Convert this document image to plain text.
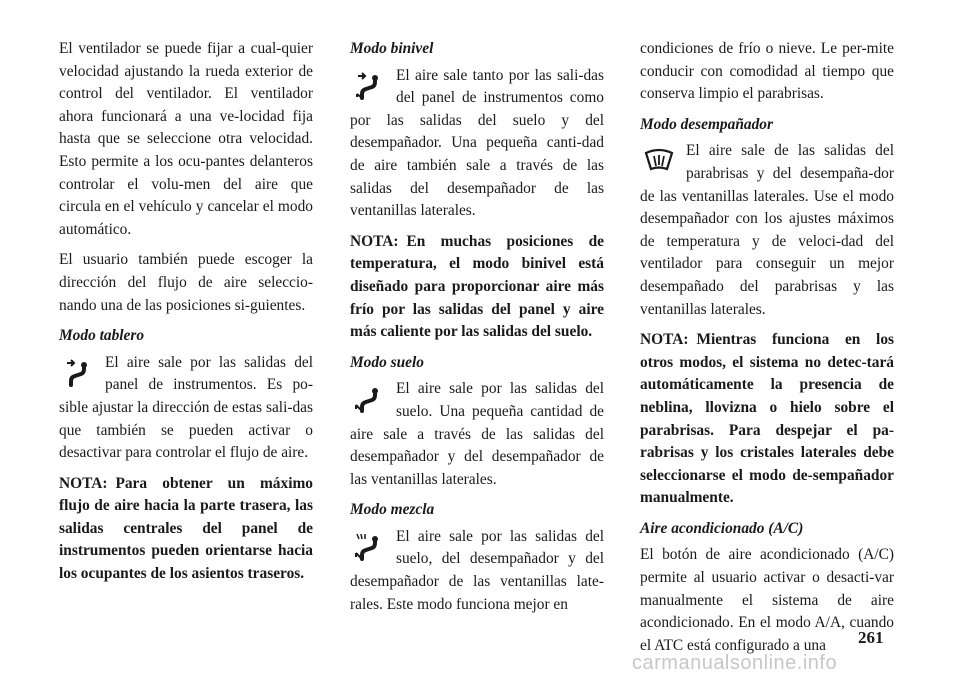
El ventilador se puede fijar a cual-quier velocidad ajustando la rueda exterior de control del ventilador. El ventilador ahora funcionará a una ve-locidad fija hasta que se seleccione otra velocidad. Esto permite a los ocu-pantes delanteros controlar el volu-men del aire que circula en el vehículo y cancelar el modo automático.

El usuario también puede escoger la dirección del flujo de aire seleccio-nando una de las posiciones si-guientes.

Modo tablero

El aire sale por las salidas del panel de instrumentos. Es po-sible ajustar la dirección de estas sali-das que también se pueden activar o desactivar para controlar el flujo de aire.

NOTA: Para obtener un máximo flujo de aire hacia la parte trasera, las salidas centrales del panel de instrumentos pueden orientarse hacia los ocupantes de los asientos traseros.

Modo binivel

El aire sale tanto por las sali-das del panel de instrumentos como por las salidas del suelo y del desempañador. Una pequeña canti-dad de aire también sale a través de las salidas del desempañador de las ventanillas laterales.

NOTA: En muchas posiciones de temperatura, el modo binivel está diseñado para proporcionar aire más frío por las salidas del panel y aire más caliente por las salidas del suelo.

Modo suelo

El aire sale por las salidas del suelo. Una pequeña cantidad de aire sale a través de las salidas del desempañador y del desempañador de las ventanillas laterales.

Modo mezcla

El aire sale por las salidas del suelo, del desempañador y del desempañador de las ventanillas late-rales. Este modo funciona mejor en

condiciones de frío o nieve. Le per-mite conducir con comodidad al tiempo que conserva limpio el parabrisas.

Modo desempañador

El aire sale de las salidas del parabrisas y del desempaña-dor de las ventanillas laterales. Use el modo desempañador con los ajustes máximos de temperatura y de veloci-dad del ventilador para conseguir un mejor desempañado del parabrisas y las ventanillas laterales.

NOTA: Mientras funciona en los otros modos, el sistema no detec-tará automáticamente la presencia de neblina, llovizna o hielo sobre el parabrisas. Para despejar el pa-rabrisas y los cristales laterales debe seleccionarse el modo de-sempañador manualmente.

Aire acondicionado (A/C)

El botón de aire acondicionado (A/C) permite al usuario activar o desacti-var manualmente el sistema de aire acondicionado. En el modo A/A, cuando el ATC está configurado a una	261
carmanualsonline.info
